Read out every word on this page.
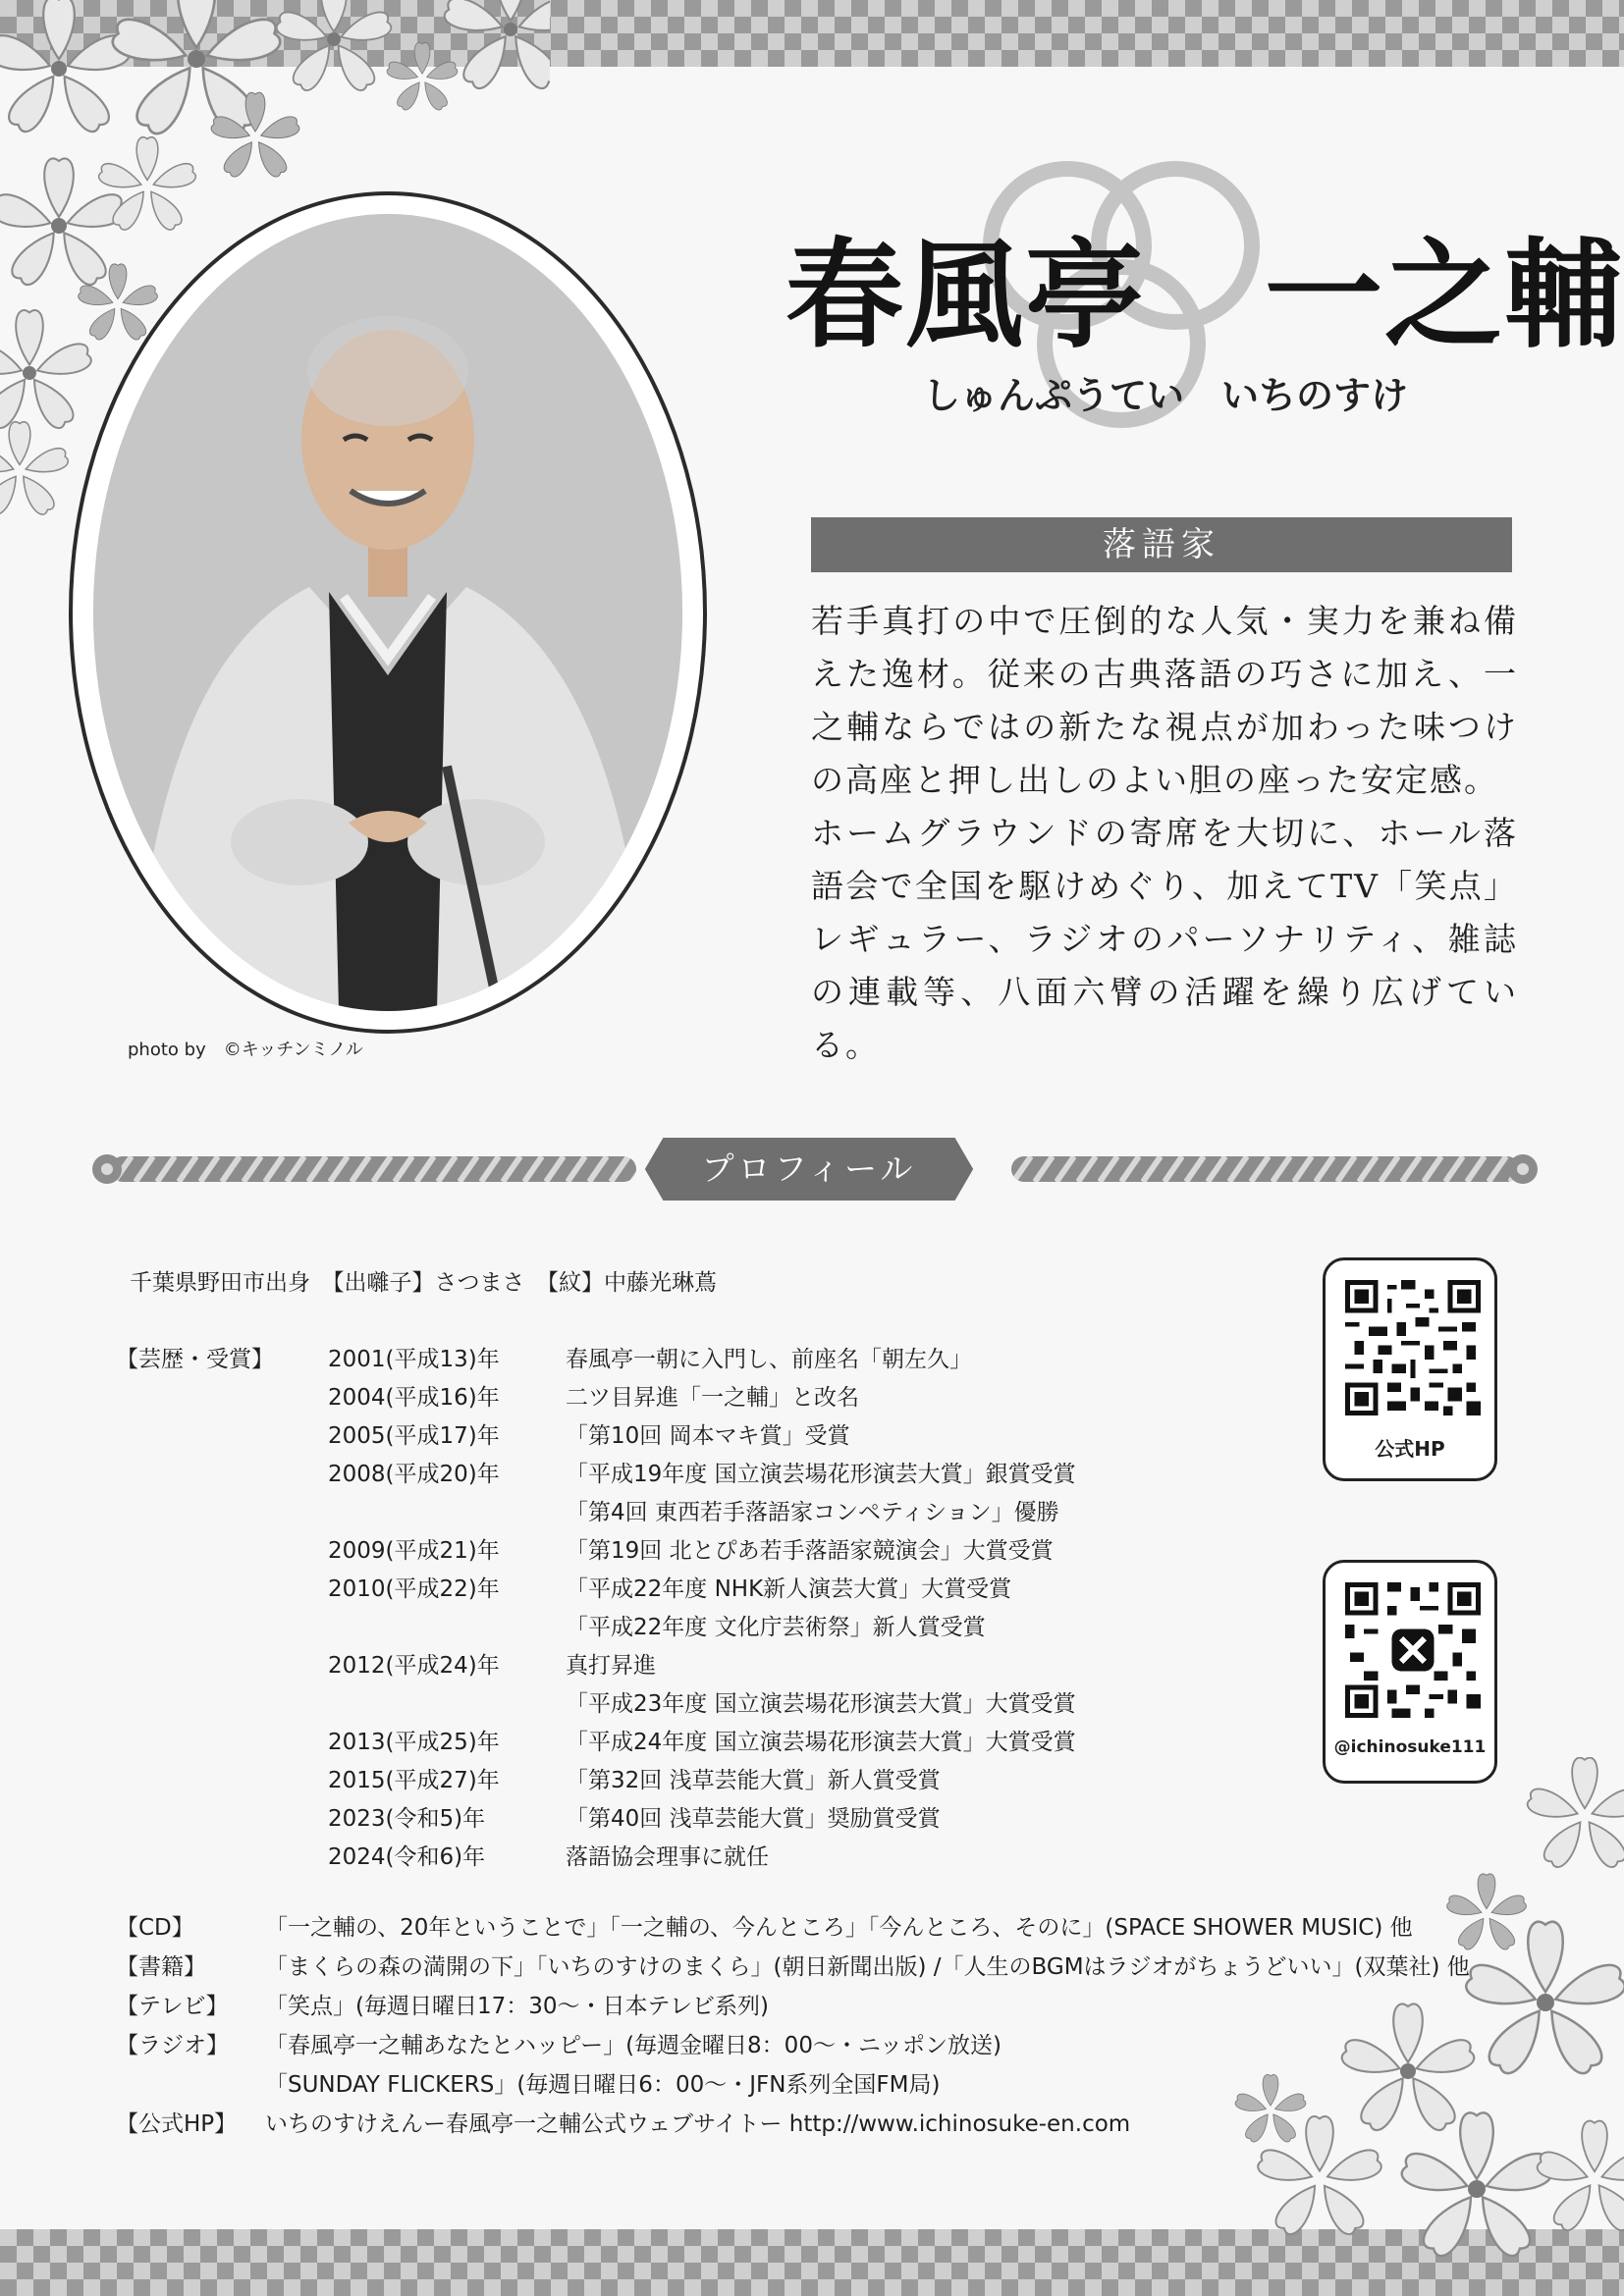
photo by　©キッチンミノル
春風亭　一之輔
しゅんぷうてい　いちのすけ
落語家

若手真打の中で圧倒的な人気・実力を兼ね備えた逸材。従来の古典落語の巧さに加え、一之輔ならではの新たな視点が加わった味つけの高座と押し出しのよい胆の座った安定感。

ホームグラウンドの寄席を大切に、ホール落語会で全国を駆けめぐり、加えてTV「笑点」レギュラー、ラジオのパーソナリティ、雑誌の連載等、八面六臂の活躍を繰り広げている。

プロフィール
千葉県野田市出身　【出囃子】さつまさ　【紋】中藤光琳蔦
【芸歴・受賞】 2001(平成13)年	春風亭一朝に入門し、前座名「朝左久」
2004(平成16)年	二ツ目昇進「一之輔」と改名
2005(平成17)年	「第10回 岡本マキ賞」受賞
2008(平成20)年	「平成19年度 国立演芸場花形演芸大賞」銀賞受賞
「第4回 東西若手落語家コンペティション」優勝
2009(平成21)年	「第19回 北とぴあ若手落語家競演会」大賞受賞
2010(平成22)年	「平成22年度 NHK新人演芸大賞」大賞受賞
「平成22年度 文化庁芸術祭」新人賞受賞
2012(平成24)年	真打昇進
「平成23年度 国立演芸場花形演芸大賞」大賞受賞
2013(平成25)年	「平成24年度 国立演芸場花形演芸大賞」大賞受賞
2015(平成27)年	「第32回 浅草芸能大賞」新人賞受賞
2023(令和5)年	「第40回 浅草芸能大賞」奨励賞受賞
2024(令和6)年	落語協会理事に就任
【CD】	「一之輔の、20年ということで」「一之輔の、今んところ」「今んところ、そのに」(SPACE SHOWER MUSIC) 他
【書籍】	「まくらの森の満開の下」「いちのすけのまくら」(朝日新聞出版) /「人生のBGMはラジオがちょうどいい」(双葉社) 他
【テレビ】 「笑点」(毎週日曜日17：30～・日本テレビ系列)
【ラジオ】 「春風亭一之輔あなたとハッピー」(毎週金曜日8：00～・ニッポン放送)
「SUNDAY FLICKERS」(毎週日曜日6：00～・JFN系列全国FM局)
【公式HP】 いちのすけえんー春風亭一之輔公式ウェブサイトー http://www.ichinosuke-en.com
公式HP
@ichinosuke111
